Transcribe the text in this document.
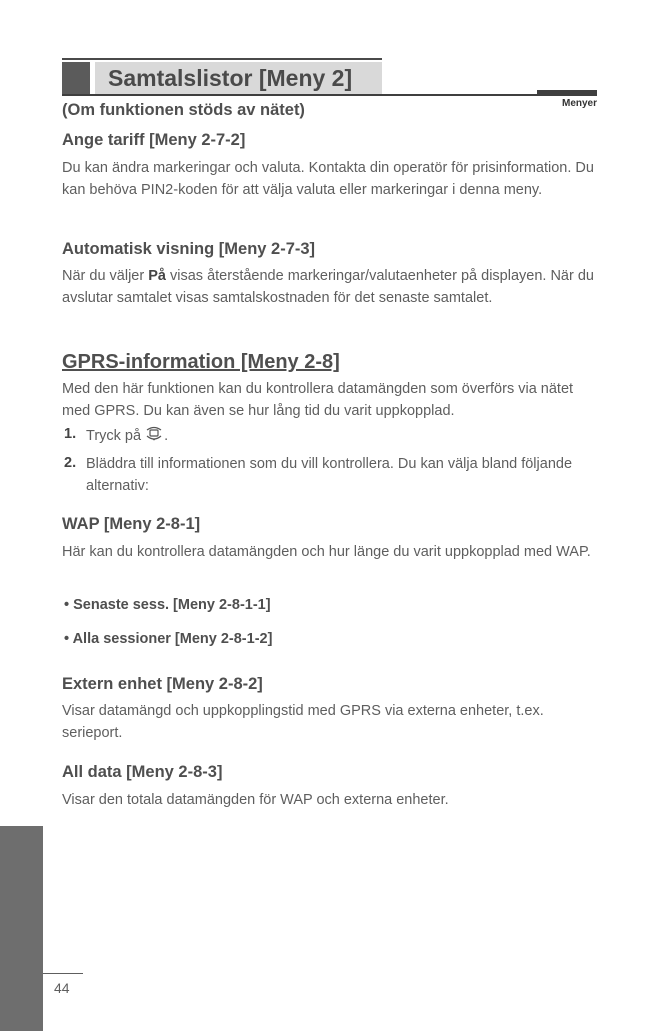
Samtalslistor [Meny 2]
Menyer
(Om funktionen stöds av nätet)
Ange tariff [Meny 2-7-2]
Du kan ändra markeringar och valuta. Kontakta din operatör för prisinformation. Du kan behöva PIN2-koden för att välja valuta eller markeringar i denna meny.
Automatisk visning [Meny 2-7-3]
När du väljer På visas återstående markeringar/valutaenheter på displayen. När du avslutar samtalet visas samtalskostnaden för det senaste samtalet.
GPRS-information [Meny 2-8]
Med den här funktionen kan du kontrollera datamängden som överförs via nätet med GPRS. Du kan även se hur lång tid du varit uppkopplad.
1. Tryck på .
2. Bläddra till informationen som du vill kontrollera. Du kan välja bland följande alternativ:
WAP [Meny 2-8-1]
Här kan du kontrollera datamängden och hur länge du varit uppkopplad med WAP.
• Senaste sess. [Meny 2-8-1-1]
• Alla sessioner [Meny 2-8-1-2]
Extern enhet [Meny 2-8-2]
Visar datamängd och uppkopplingstid med GPRS via externa enheter, t.ex. serieport.
All data [Meny 2-8-3]
Visar den totala datamängden för WAP och externa enheter.
44
